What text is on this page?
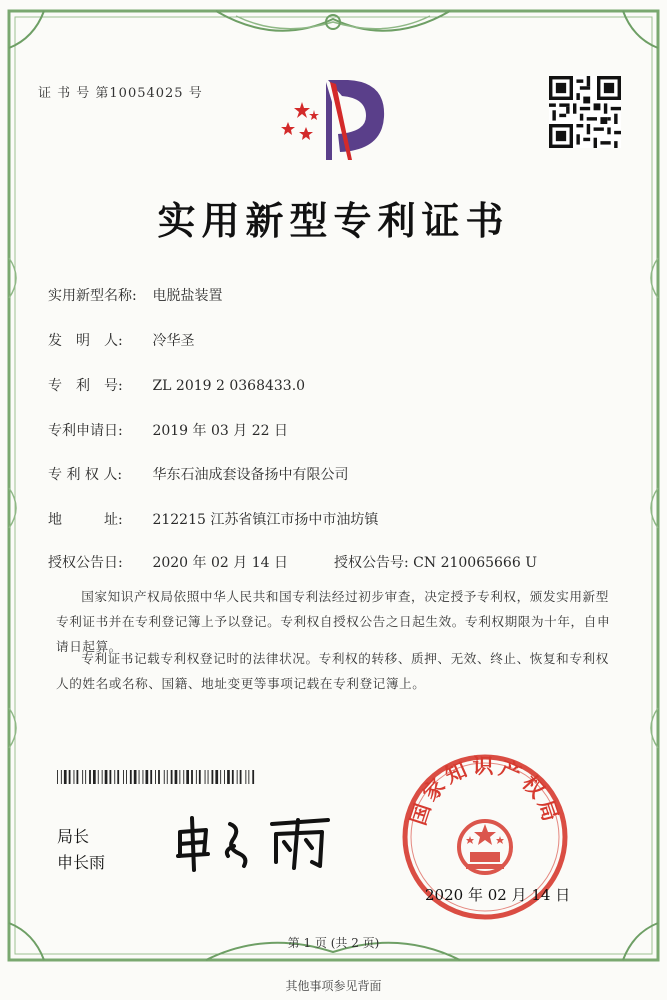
证 书 号 第10054025 号
实用新型专利证书
实用新型名称: 电脱盐装置
发　明　人: 冷华圣
专　利　号: ZL 2019 2 0368433.0
专利申请日: 2019 年 03 月 22 日
专 利 权 人: 华东石油成套设备扬中有限公司
地　　　址: 212215 江苏省镇江市扬中市油坊镇
授权公告日: 2020 年 02 月 14 日	授权公告号: CN 210065666 U
国家知识产权局依照中华人民共和国专利法经过初步审查，决定授予专利权，颁发实用新型专利证书并在专利登记簿上予以登记。专利权自授权公告之日起生效。专利权期限为十年，自申请日起算。
专利证书记载专利权登记时的法律状况。专利权的转移、质押、无效、终止、恢复和专利权人的姓名或名称、国籍、地址变更等事项记载在专利登记簿上。
局长
申长雨
国家知识产权局
2020 年 02 月 14 日
第 1 页 (共 2 页)
其他事项参见背面
